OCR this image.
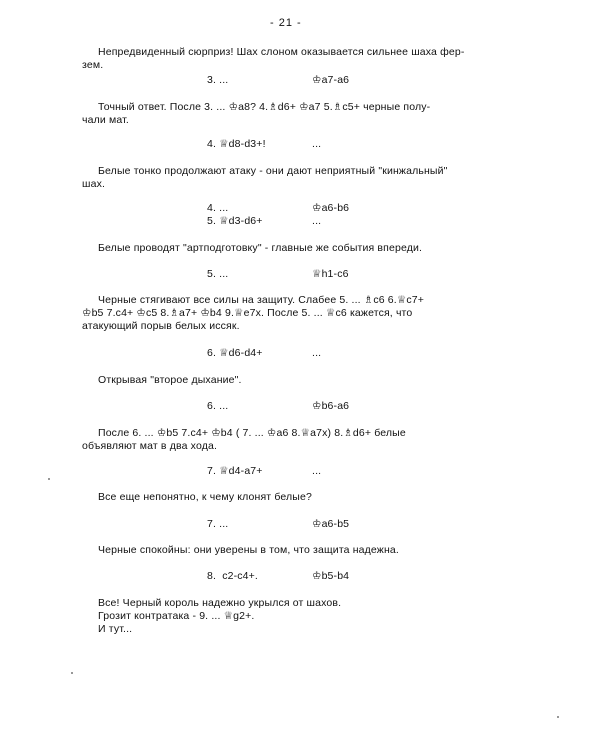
- 21 -
Непредвиденный сюрприз! Шах слоном оказывается сильнее шаха фер-
зем.
3. ...	♔a7-a6
Точный ответ. После 3. ... ♔a8? 4.♗d6+ ♔a7 5.♗c5+ черные полу-
чали мат.
4. ♕d8-d3+!	...
Белые тонко продолжают атаку - они дают неприятный "кинжальный"
шах.
4. ...	♔a6-b6
5. ♕d3-d6+	...
Белые проводят "артподготовку" - главные же события впереди.
5. ...	♕h1-c6
Черные стягивают все силы на защиту. Слабее 5. ... ♗c6 6.♕c7+
♔b5 7.c4+ ♔c5 8.♗a7+ ♔b4 9.♕e7x. После 5. ... ♕c6 кажется, что
атакующий порыв белых иссяк.
6. ♕d6-d4+	...
Открывая "второе дыхание".
6. ...	♔b6-a6
После 6. ... ♔b5 7.c4+ ♔b4 ( 7. ... ♔a6 8.♕a7x) 8.♗d6+ белые
объявляют мат в два хода.
7. ♕d4-a7+	...
Все еще непонятно, к чему клонят белые?
7. ...	♔a6-b5
Черные спокойны: они уверены в том, что защита надежна.
8.  c2-c4+.	♔b5-b4
Все! Черный король надежно укрылся от шахов.
Грозит контратака - 9. ... ♕g2+.
И тут...
